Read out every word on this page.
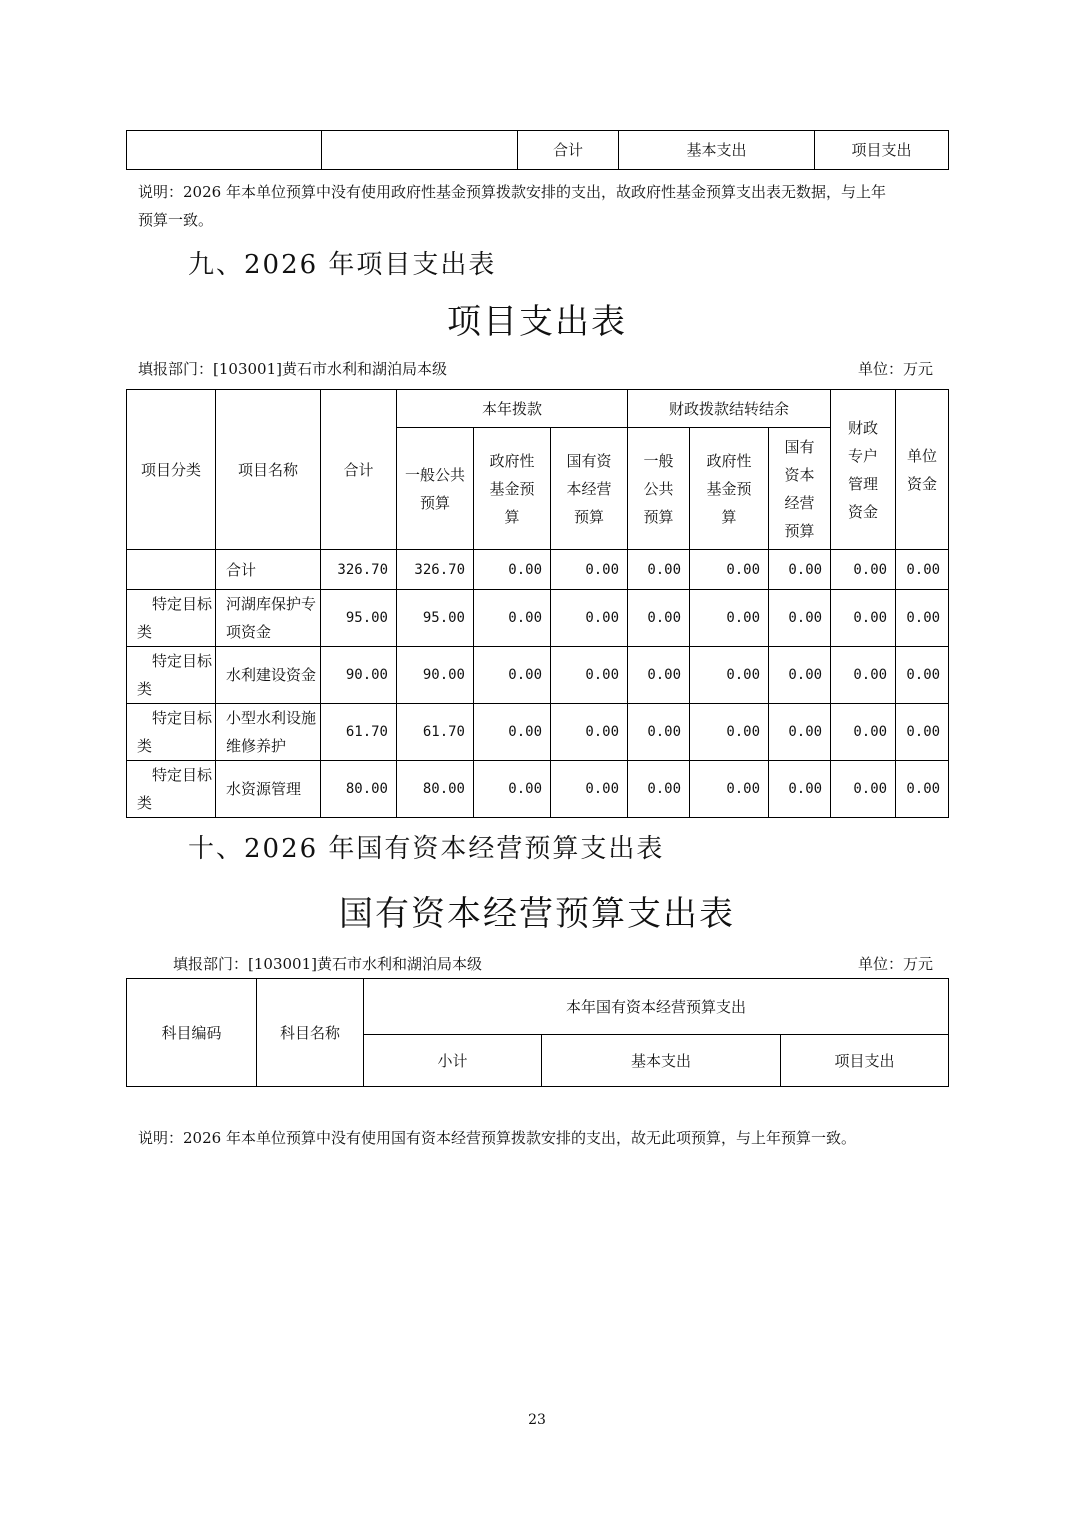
		合计	基本支出	项目支出
说明：2026 年本单位预算中没有使用政府性基金预算拨款安排的支出，故政府性基金预算支出表无数据，与上年
预算一致。
九、2026 年项目支出表
项目支出表
填报部门：[103001]黄石市水利和湖泊局本级	单位：万元
项目分类	项目名称	合计	本年拨款			财政拨款结转结余			财政专户管理资金	单位资金

			一般公共预算	政府性基金预算	国有资本经营预算	一般公共预算	政府性基金预算	国有资本经营预算		

	合计	326.70	326.70	0.00	0.00	0.00	0.00	0.00	0.00	0.00
特定目标类	河湖库保护专项资金	95.00	95.00	0.00	0.00	0.00	0.00	0.00	0.00	0.00
特定目标类	水利建设资金	90.00	90.00	0.00	0.00	0.00	0.00	0.00	0.00	0.00
特定目标类	小型水利设施维修养护	61.70	61.70	0.00	0.00	0.00	0.00	0.00	0.00	0.00
特定目标类	水资源管理	80.00	80.00	0.00	0.00	0.00	0.00	0.00	0.00	0.00
十、2026 年国有资本经营预算支出表
国有资本经营预算支出表
填报部门：[103001]黄石市水利和湖泊局本级	单位：万元
科目编码	科目名称	本年国有资本经营预算支出		
		小计	基本支出	项目支出
说明：2026 年本单位预算中没有使用国有资本经营预算拨款安排的支出，故无此项预算，与上年预算一致。
23
